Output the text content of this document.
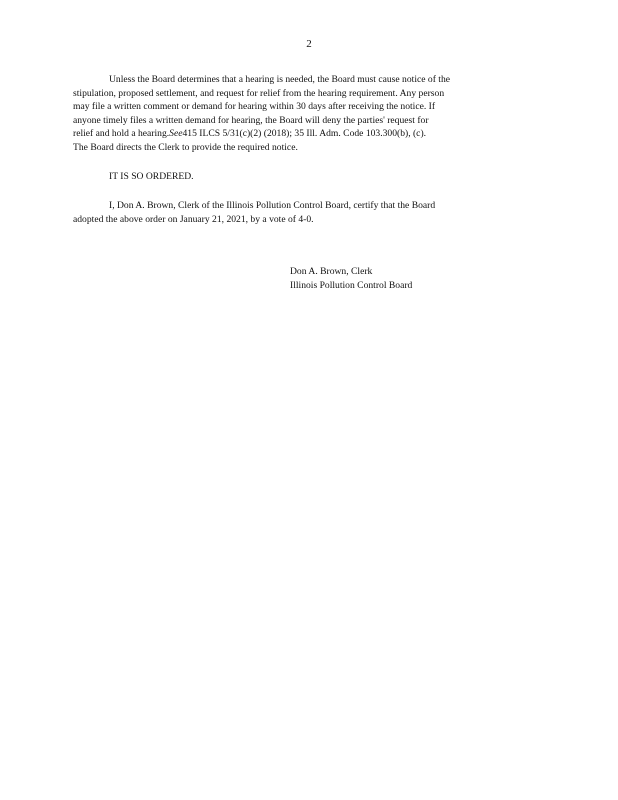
2
Unless the Board determines that a hearing is needed, the Board must cause notice of the
stipulation, proposed settlement, and request for relief from the hearing requirement. Any person
may file a written comment or demand for hearing within 30 days after receiving the notice. If
anyone timely files a written demand for hearing, the Board will deny the parties' request for
relief and hold a hearing. See 415 ILCS 5/31(c)(2) (2018); 35 Ill. Adm. Code 103.300(b), (c).
The Board directs the Clerk to provide the required notice.
IT IS SO ORDERED.
I, Don A. Brown, Clerk of the Illinois Pollution Control Board, certify that the Board
adopted the above order on January 21, 2021, by a vote of 4-0.
Don A. Brown, Clerk
Illinois Pollution Control Board
